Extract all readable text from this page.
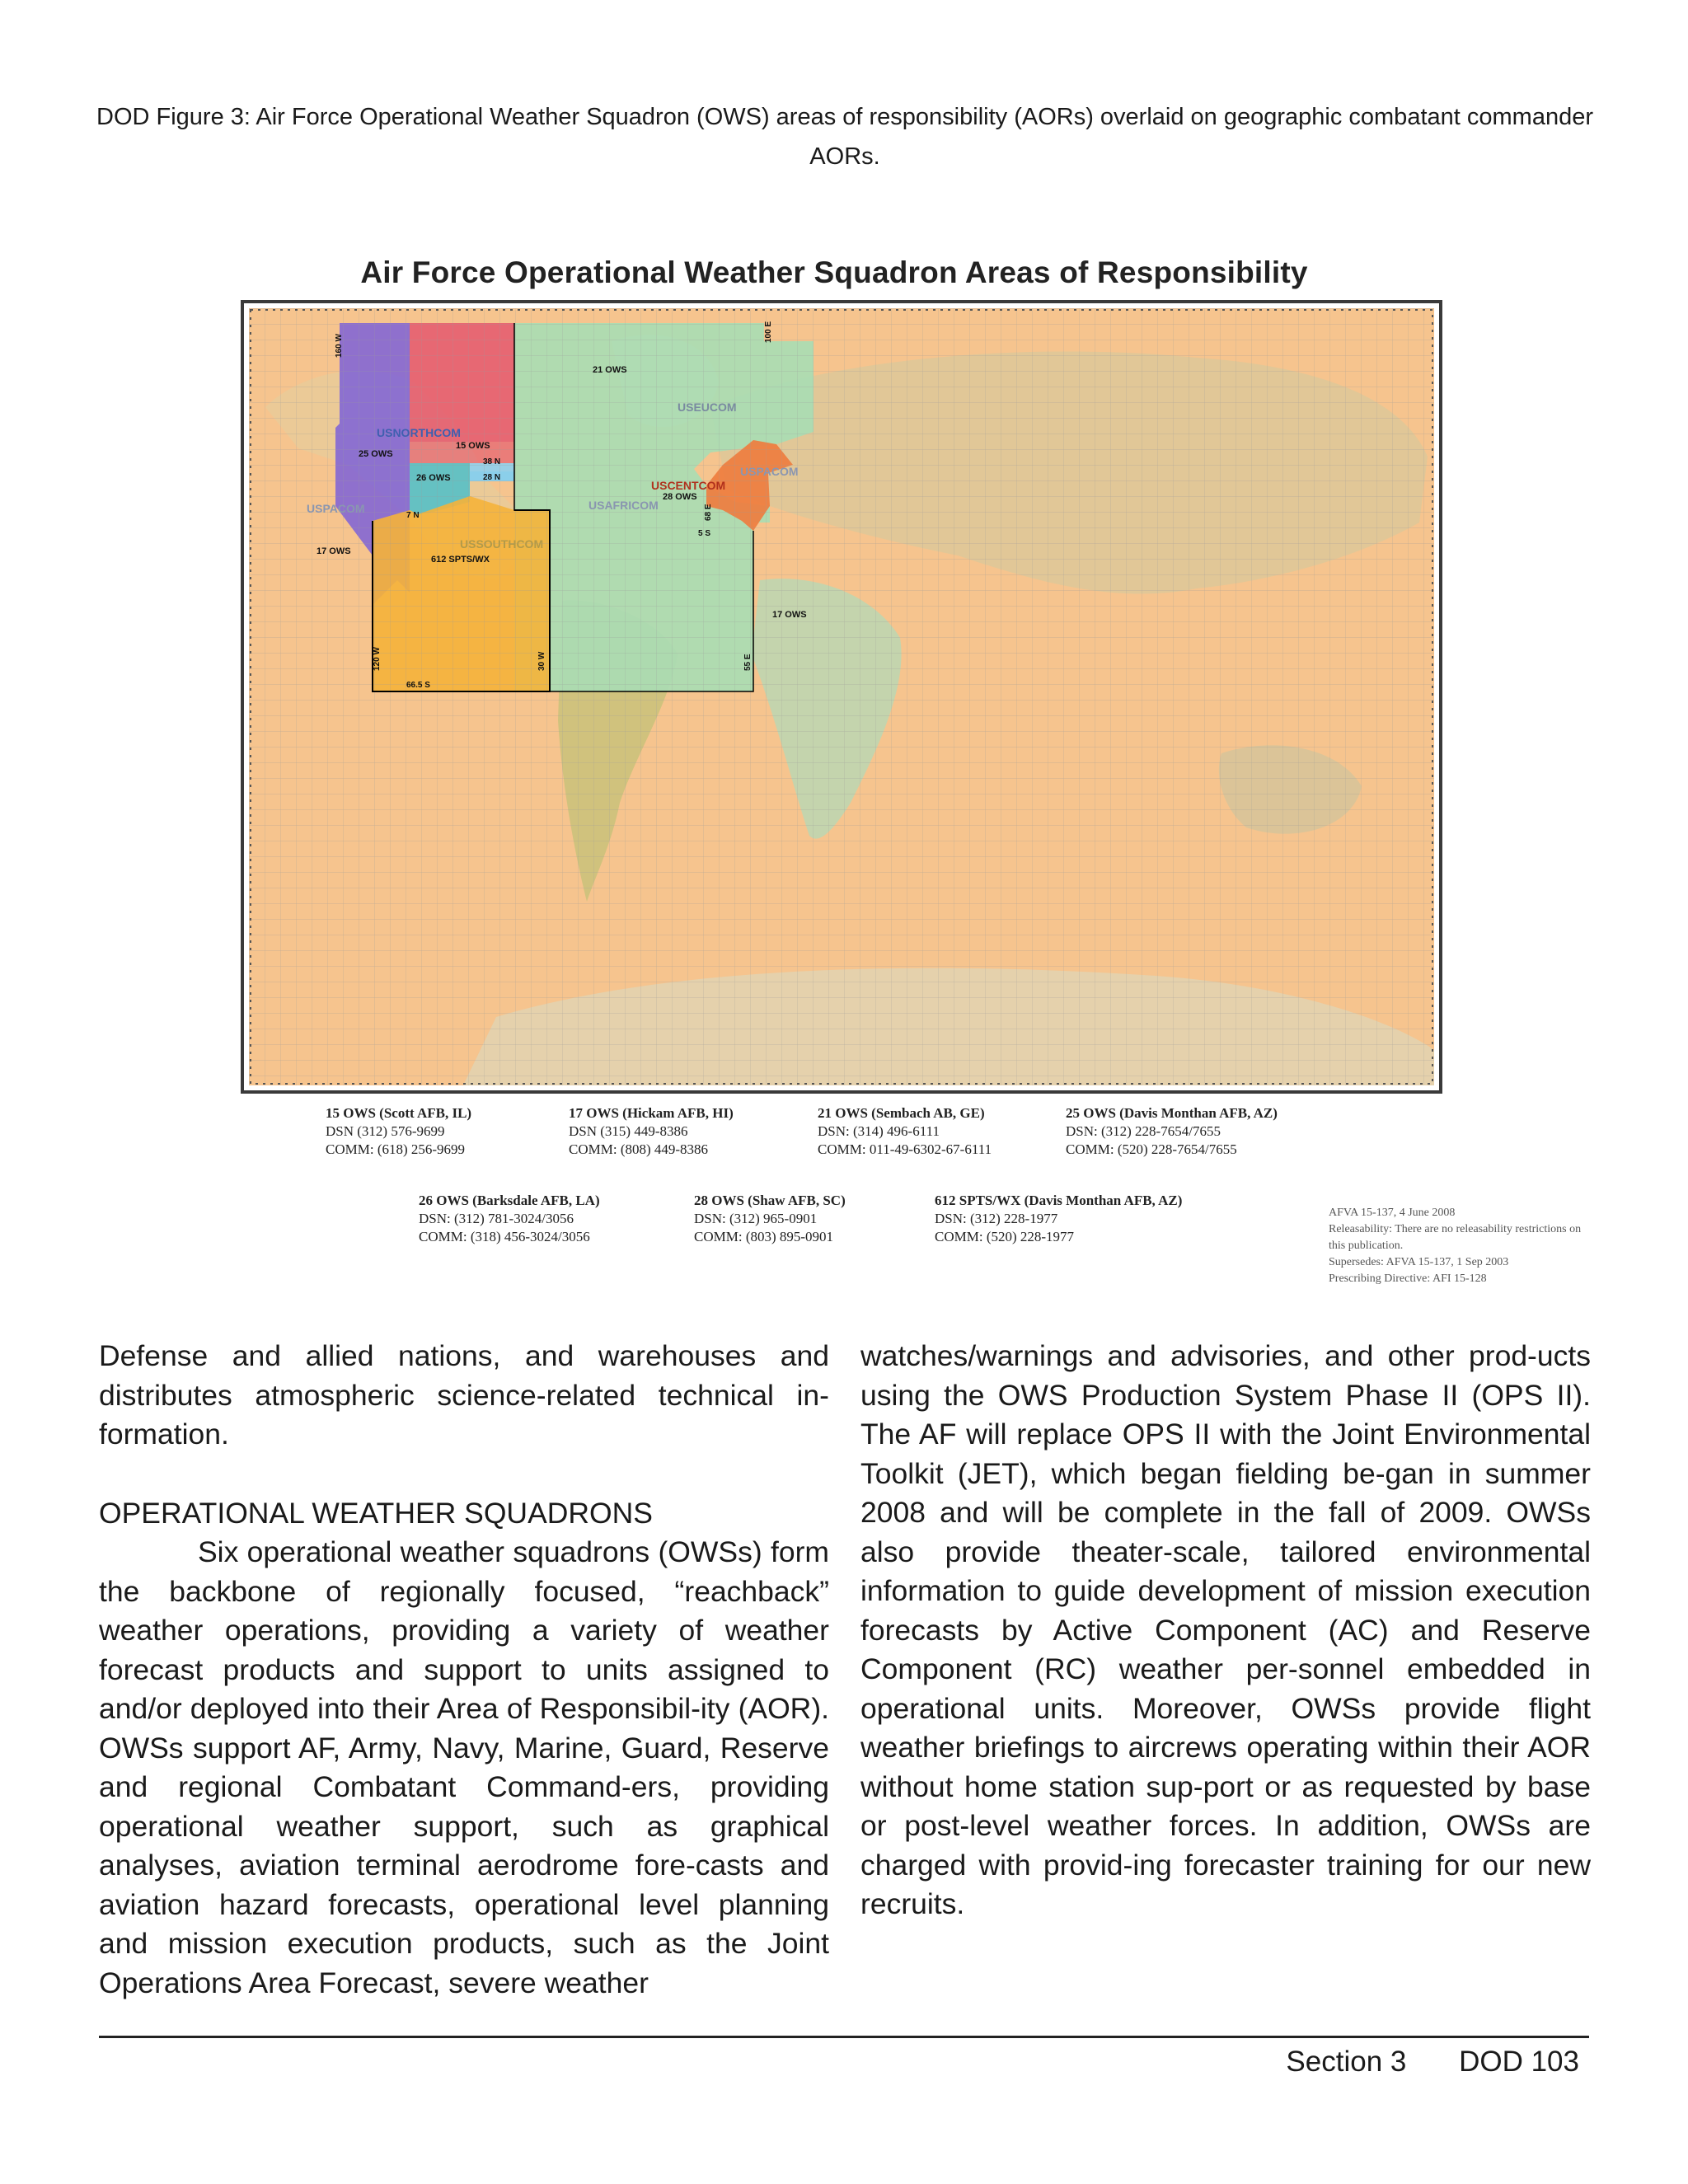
DOD Figure 3: Air Force Operational Weather Squadron (OWS) areas of responsibility (AORs) overlaid on geographic combatant commander AORs.
Air Force Operational Weather Squadron Areas of Responsibility
21 OWS
USEUCOM
USNORTHCOM
15 OWS
25 OWS
38 N
26 OWS	28 N
USPACOM
7 N
USAFRICOM
USCENTCOM
28 OWS
USPACOM
68 E
5 S
USSOUTHCOM
612 SPTS/WX
17 OWS
17 OWS
160 W
100 E
120 W	30 W	55 E
66.5 S
15 OWS (Scott AFB, IL)
DSN (312) 576-9699
COMM: (618) 256-9699
17 OWS (Hickam AFB, HI)
DSN (315) 449-8386
COMM: (808) 449-8386
21 OWS (Sembach AB, GE)
DSN: (314) 496-6111
COMM: 011-49-6302-67-6111
25 OWS (Davis Monthan AFB, AZ)
DSN: (312) 228-7654/7655
COMM: (520) 228-7654/7655
26 OWS (Barksdale AFB, LA)
DSN: (312) 781-3024/3056
COMM: (318) 456-3024/3056
28 OWS (Shaw AFB, SC)
DSN: (312) 965-0901
COMM: (803) 895-0901
612 SPTS/WX (Davis Monthan AFB, AZ)
DSN: (312) 228-1977
COMM: (520) 228-1977
AFVA 15-137, 4 June 2008
Releasability: There are no releasability restrictions on this publication.
Supersedes: AFVA 15-137, 1 Sep 2003
Prescribing Directive: AFI 15-128

Defense and allied nations, and warehouses and distributes atmospheric science-related technical in-formation.

OPERATIONAL WEATHER SQUADRONS

Six operational weather squadrons (OWSs) form the backbone of regionally focused, “reachback” weather operations, providing a variety of weather forecast products and support to units assigned to and/or deployed into their Area of Responsibil-ity (AOR). OWSs support AF, Army, Navy, Marine, Guard, Reserve and regional Combatant Command-ers, providing operational weather support, such as graphical analyses, aviation terminal aerodrome fore-casts and aviation hazard forecasts, operational level planning and mission execution products, such as the Joint Operations Area Forecast, severe weather

watches/warnings and advisories, and other prod-ucts using the OWS Production System Phase II (OPS II). The AF will replace OPS II with the Joint Environmental Toolkit (JET), which began fielding be-gan in summer 2008 and will be complete in the fall of 2009. OWSs also provide theater-scale, tailored environmental information to guide development of mission execution forecasts by Active Component (AC) and Reserve Component (RC) weather per-sonnel embedded in operational units. Moreover, OWSs provide flight weather briefings to aircrews operating within their AOR without home station sup-port or as requested by base or post-level weather forces. In addition, OWSs are charged with provid-ing forecaster training for our new recruits.

Section 3 DOD 103
